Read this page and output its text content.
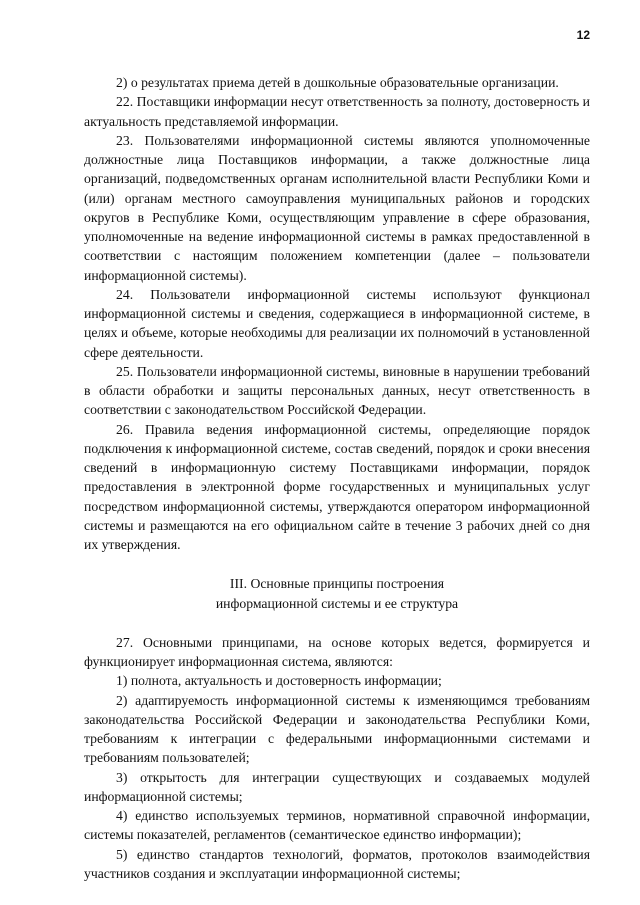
12

2) о результатах приема детей в дошкольные образовательные организации.

22. Поставщики информации несут ответственность за полноту, достоверность и актуальность представляемой информации.

23. Пользователями информационной системы являются уполномоченные должностные лица Поставщиков информации, а также должностные лица организаций, подведомственных органам исполнительной власти Республики Коми и (или) органам местного самоуправления муниципальных районов и городских округов в Республике Коми, осуществляющим управление в сфере образования, уполномоченные на ведение информационной системы в рамках предоставленной в соответствии с настоящим положением компетенции (далее – пользователи информационной системы).

24. Пользователи информационной системы используют функционал информационной системы и сведения, содержащиеся в информационной системе, в целях и объеме, которые необходимы для реализации их полномочий в установленной сфере деятельности.

25. Пользователи информационной системы, виновные в нарушении требований в области обработки и защиты персональных данных, несут ответственность в соответствии с законодательством Российской Федерации.

26. Правила ведения информационной системы, определяющие порядок подключения к информационной системе, состав сведений, порядок и сроки внесения сведений в информационную систему Поставщиками информации, порядок предоставления в электронной форме государственных и муниципальных услуг посредством информационной системы, утверждаются оператором информационной системы и размещаются на его официальном сайте в течение 3 рабочих дней со дня их утверждения.

III. Основные принципы построения
информационной системы и ее структура

27. Основными принципами, на основе которых ведется, формируется и функционирует информационная система, являются:

1) полнота, актуальность и достоверность информации;

2) адаптируемость информационной системы к изменяющимся требованиям законодательства Российской Федерации и законодательства Республики Коми, требованиям к интеграции с федеральными информационными системами и требованиям пользователей;

3) открытость для интеграции существующих и создаваемых модулей информационной системы;

4) единство используемых терминов, нормативной справочной информации, системы показателей, регламентов (семантическое единство информации);

5) единство стандартов технологий, форматов, протоколов взаимодействия участников создания и эксплуатации информационной системы;
